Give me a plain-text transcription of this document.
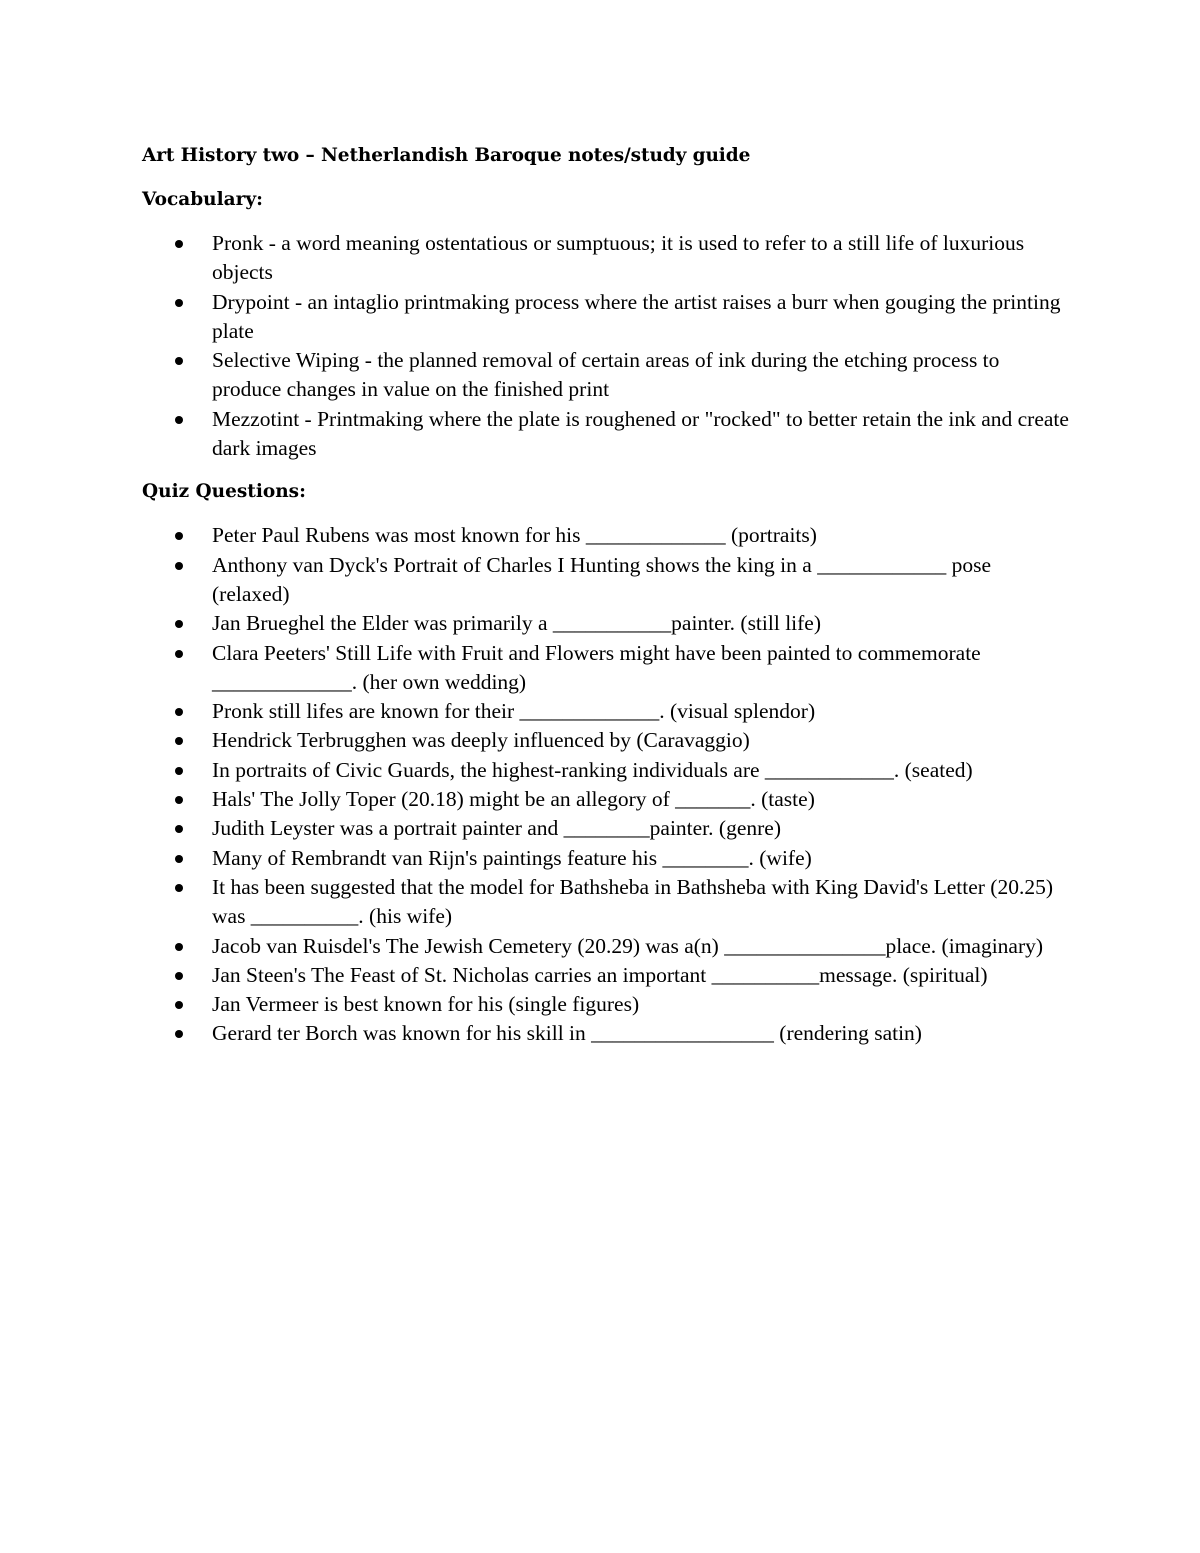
Art History two – Netherlandish Baroque notes/study guide
Vocabulary:
Pronk - a word meaning ostentatious or sumptuous; it is used to refer to a still life of luxurious objects
Drypoint - an intaglio printmaking process where the artist raises a burr when gouging the printing plate
Selective Wiping - the planned removal of certain areas of ink during the etching process to produce changes in value on the finished print
Mezzotint - Printmaking where the plate is roughened or "rocked" to better retain the ink and create dark images
Quiz Questions:
Peter Paul Rubens was most known for his _____________ (portraits)
Anthony van Dyck's Portrait of Charles I Hunting shows the king in a ____________ pose (relaxed)
Jan Brueghel the Elder was primarily a ___________painter. (still life)
Clara Peeters' Still Life with Fruit and Flowers might have been painted to commemorate _____________. (her own wedding)
Pronk still lifes are known for their _____________. (visual splendor)
Hendrick Terbrugghen was deeply influenced by (Caravaggio)
In portraits of Civic Guards, the highest-ranking individuals are ____________. (seated)
Hals' The Jolly Toper (20.18) might be an allegory of _______. (taste)
Judith Leyster was a portrait painter and ________painter. (genre)
Many of Rembrandt van Rijn's paintings feature his ________. (wife)
It has been suggested that the model for Bathsheba in Bathsheba with King David's Letter (20.25) was __________. (his wife)
Jacob van Ruisdel's The Jewish Cemetery (20.29) was a(n) _______________place. (imaginary)
Jan Steen's The Feast of St. Nicholas carries an important __________message. (spiritual)
Jan Vermeer is best known for his (single figures)
Gerard ter Borch was known for his skill in _________________ (rendering satin)
